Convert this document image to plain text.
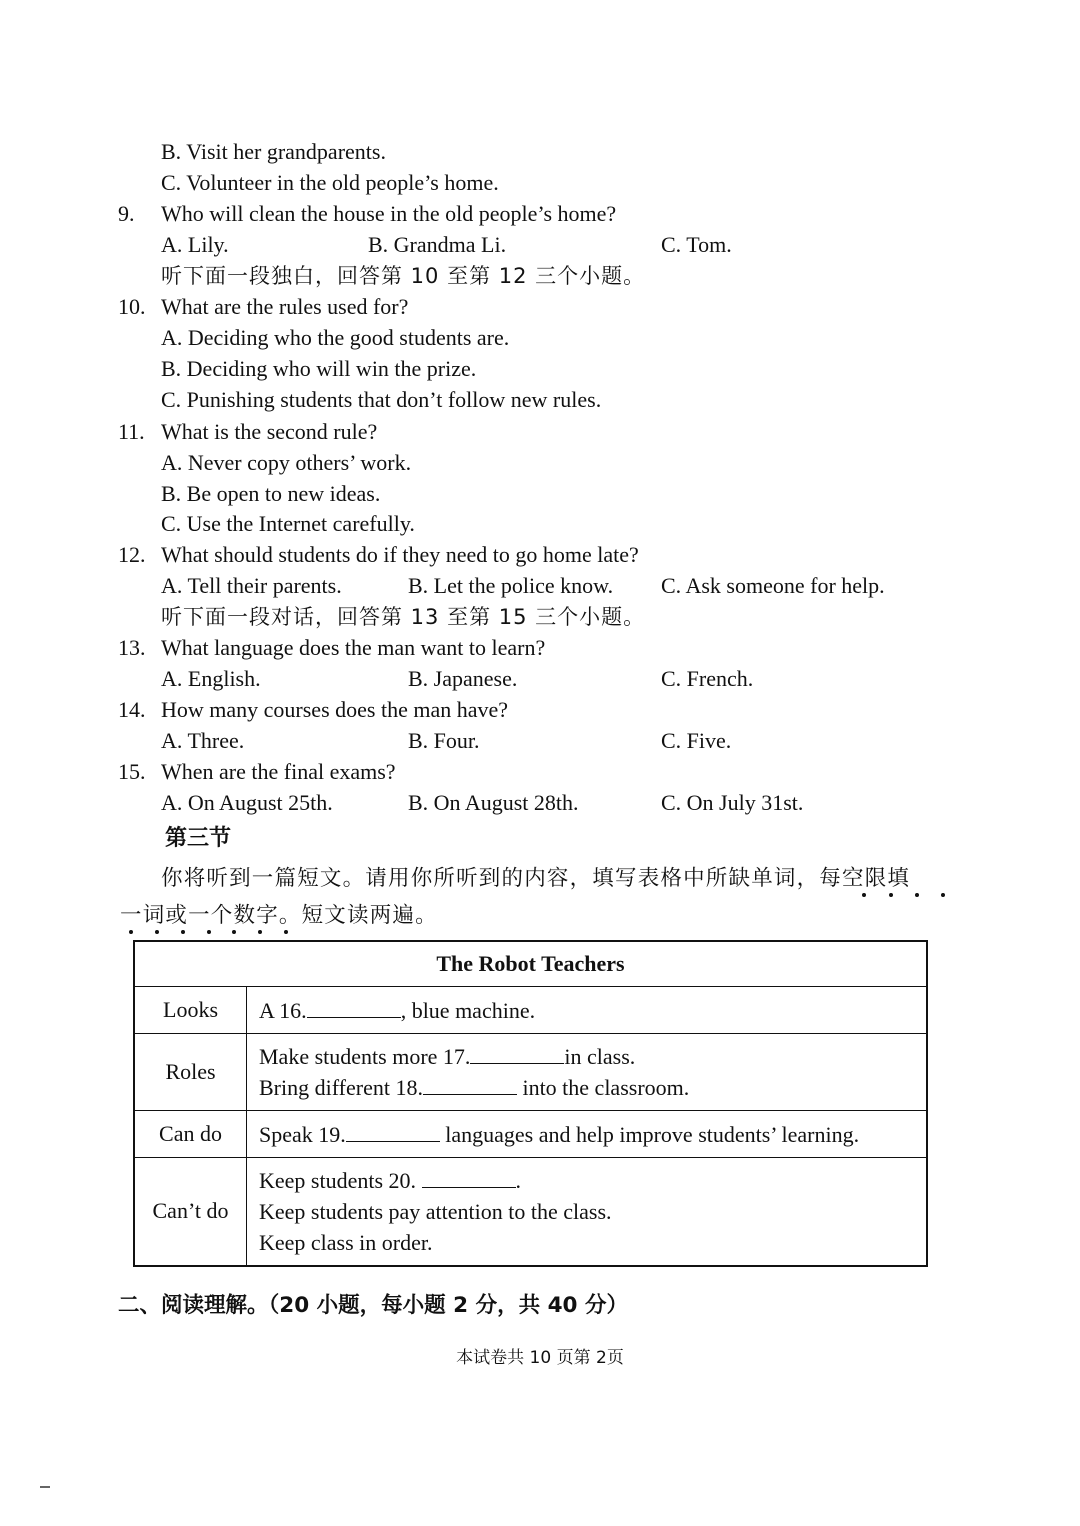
B. Visit her grandparents.
C. Volunteer in the old people’s home.
9. Who will clean the house in the old people’s home?
A. Lily.	B. Grandma Li.	C. Tom.
听下面一段独白，回答第 10 至第 12 三个小题。
10. What are the rules used for?
A. Deciding who the good students are.
B. Deciding who will win the prize.
C. Punishing students that don’t follow new rules.
11. What is the second rule?
A. Never copy others’ work.
B. Be open to new ideas.
C. Use the Internet carefully.
12. What should students do if they need to go home late?
A. Tell their parents.	B. Let the police know. C. Ask someone for help.
听下面一段对话，回答第 13 至第 15 三个小题。
13. What language does the man want to learn?
A. English.	B. Japanese.	C. French.
14. How many courses does the man have?
A. Three.	B. Four.	C. Five.
15. When are the final exams?
A. On August 25th.	B. On August 28th.	C. On July 31st.
第三节
你将听到一篇短文。请用你所听到的内容，填写表格中所缺单词，每空限填
一词或一个数字。短文读两遍。
The Robot Teachers	
Looks	A 16. , blue machine.
Roles	Make students more 17. in class.
Bring different 18. into the classroom.

Can do	Speak 19. languages and help improve students’ learning.
Can’t do	Keep students 20. .
Keep students pay attention to the class.
Keep class in order.
二、阅读理解。（20 小题，每小题 2 分，共 40 分）
本试卷共 10 页第 2页
